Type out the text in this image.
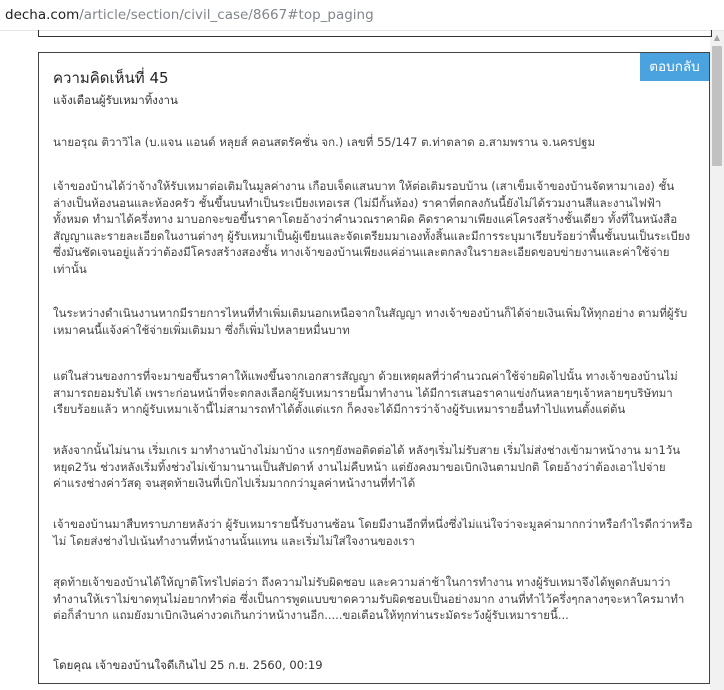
decha.com/article/section/civil_case/8667#top_paging
▲
ตอบกลับ
ความคิดเห็นที่ 45
แจ้งเตือนผู้รับเหมาทิ้งงาน

นายอรุณ ติวาวิไล (บ.แจน แอนด์ หลุยส์ คอนสตรัคชั่น จก.) เลขที่ 55/147 ต.ท่าตลาด อ.สามพราน จ.นครปฐม

เจ้าของบ้านได้ว่าจ้างให้รับเหมาต่อเติมในมูลค่างาน เกือบเจ็ดแสนบาท ให้ต่อเติมรอบบ้าน (เสาเข็มเจ้าของบ้านจัดหามาเอง) ชั้นล่างเป็นห้องนอนและห้องครัว ชั้นขึ้นบนทำเป็นระเบียงเทอเรส (ไม่มีกั้นห้อง) ราคาที่ตกลงกันนี้ยังไม่ได้รวมงานสีและงานไฟฟ้าทั้งหมด ทำมาได้ครึ่งทาง มาบอกจะขอขึ้นราคาโดยอ้างว่าคำนวณราคาผิด คิดราคามาเพียงแค่โครงสร้างชั้นเดียว ทั้งที่ในหนังสือสัญญาและรายละเอียดในงานต่างๆ ผู้รับเหมาเป็นผู้เขียนและจัดเตรียมมาเองทั้งสิ้นและมีการระบุมาเรียบร้อยว่าพื้นชั้นบนเป็นระเบียง ซึ่งมันชัดเจนอยู่แล้วว่าต้องมีโครงสร้างสองชั้น ทางเจ้าของบ้านเพียงแค่อ่านและตกลงในรายละเอียดขอบข่ายงานและค่าใช้จ่ายเท่านั้น

ในระหว่างดำเนินงานหากมีรายการไหนที่ทำเพิ่มเติมนอกเหนือจากในสัญญา ทางเจ้าของบ้านก็ได้จ่ายเงินเพิ่มให้ทุกอย่าง ตามที่ผู้รับเหมาคนนี้แจ้งค่าใช้จ่ายเพิ่มเติมมา ซึ่งก็เพิ่มไปหลายหมื่นบาท

แต่ในส่วนของการที่จะมาขอขึ้นราคาให้แพงขึ้นจากเอกสารสัญญา ด้วยเหตุผลที่ว่าคำนวณค่าใช้จ่ายผิดไปนั้น ทางเจ้าของบ้านไม่สามารถยอมรับได้ เพราะก่อนหน้าที่จะตกลงเลือกผู้รับเหมารายนี้มาทำงาน ได้มีการเสนอราคาแข่งกันหลายๆเจ้าหลายๆบริษัทมาเรียบร้อยแล้ว หากผู้รับเหมาเจ้านี้ไม่สามารถทำได้ตั้งแต่แรก ก็คงจะได้มีการว่าจ้างผู้รับเหมารายอื่นทำไปแทนตั้งแต่ต้น

หลังจากนั้นไม่นาน เริ่มเกเร มาทำงานบ้างไม่มาบ้าง แรกๆยังพอติดต่อได้ หลังๆเริ่มไม่รับสาย เริ่มไม่ส่งช่างเข้ามาหน้างาน มา1วัน หยุด2วัน ช่วงหลังเริ่มทิ้งช่วงไม่เข้ามานานเป็นสัปดาห์ งานไม่คืบหน้า แต่ยังคงมาขอเบิกเงินตามปกติ โดยอ้างว่าต้องเอาไปจ่ายค่าแรงช่างค่าวัสดุ จนสุดท้ายเงินที่เบิกไปเริ่มมากกว่ามูลค่าหน้างานที่ทำได้

เจ้าของบ้านมาสืบทราบภายหลังว่า ผู้รับเหมารายนี้รับงานซ้อน โดยมีงานอีกที่หนึ่งซึ่งไม่แน่ใจว่าจะมูลค่ามากกว่าหรือกำไรดีกว่าหรือไม่ โดยส่งช่างไปเน้นทำงานที่หน้างานนั้นแทน และเริ่มไม่ใส่ใจงานของเรา

สุดท้ายเจ้าของบ้านได้ให้ญาติโทรไปต่อว่า ถึงความไม่รับผิดชอบ และความล่าช้าในการทำงาน ทางผู้รับเหมาจึงได้พูดกลับมาว่าทำงานให้เราไม่ขาดทุนไม่อยากทำต่อ ซึ่งเป็นการพูดแบบขาดความรับผิดชอบเป็นอย่างมาก งานที่ทำไว้ครึ่งๆกลางๆจะหาใครมาทำต่อก็ลำบาก แถมยังมาเบิกเงินค่างวดเกินกว่าหน้างานอีก.....ขอเตือนให้ทุกท่านระมัดระวังผู้รับเหมารายนี้...

โดยคุณ เจ้าของบ้านใจดีเกินไป 25 ก.ย. 2560, 00:19
